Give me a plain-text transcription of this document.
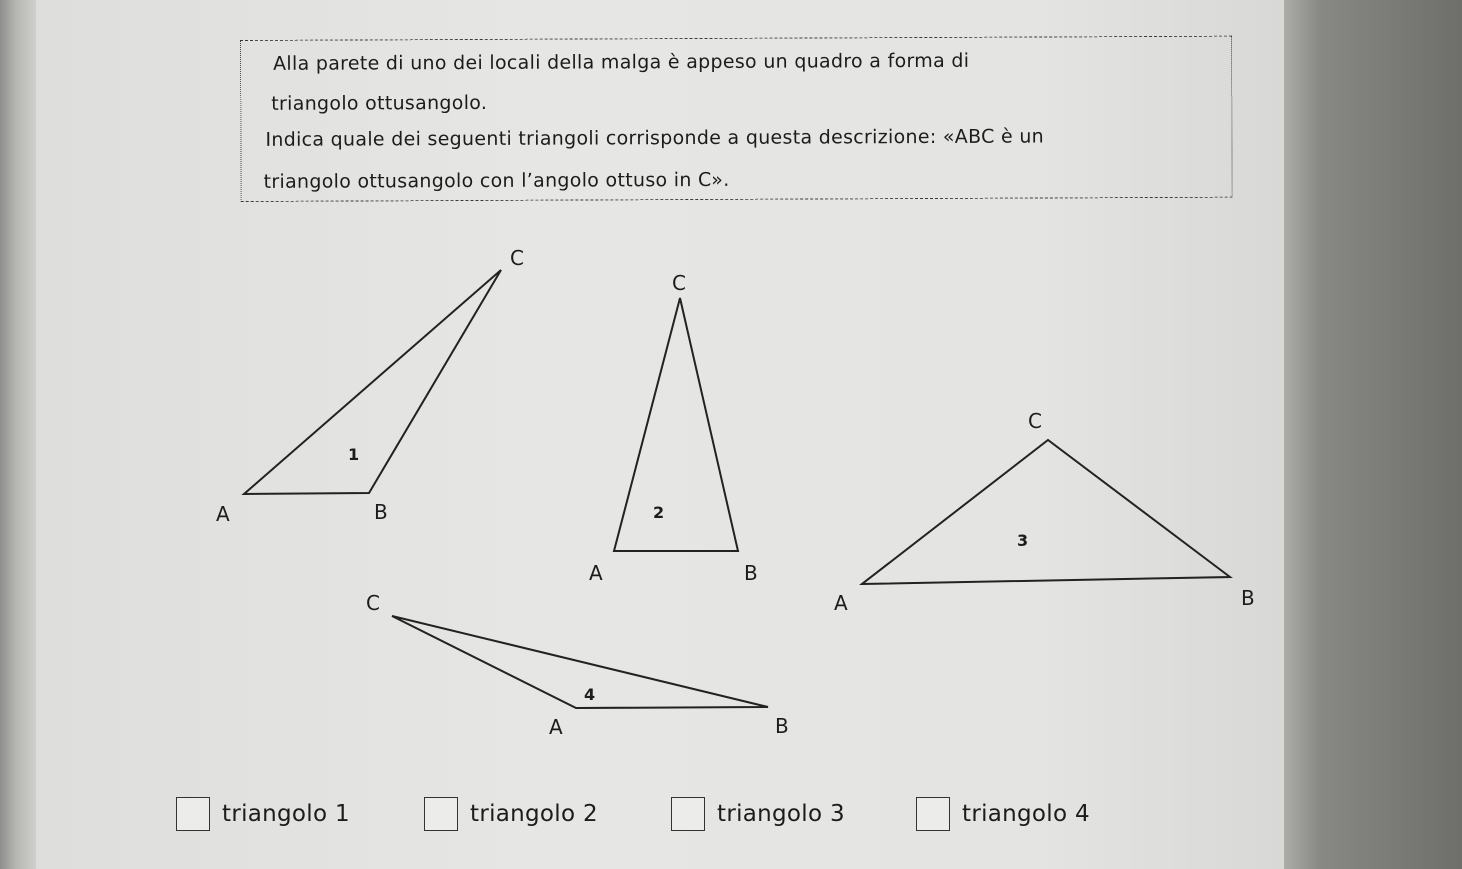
Alla parete di uno dei locali della malga è appeso un quadro a forma di

triangolo ottusangolo.

Indica quale dei seguenti triangoli corrisponde a questa descrizione: «ABC è un

triangolo ottusangolo con l’angolo ottuso in C».

A	B
C
1
A	B
C
2
A	B
C
3
A	B
C
4
triangolo 1	triangolo 2	triangolo 3	triangolo 4
